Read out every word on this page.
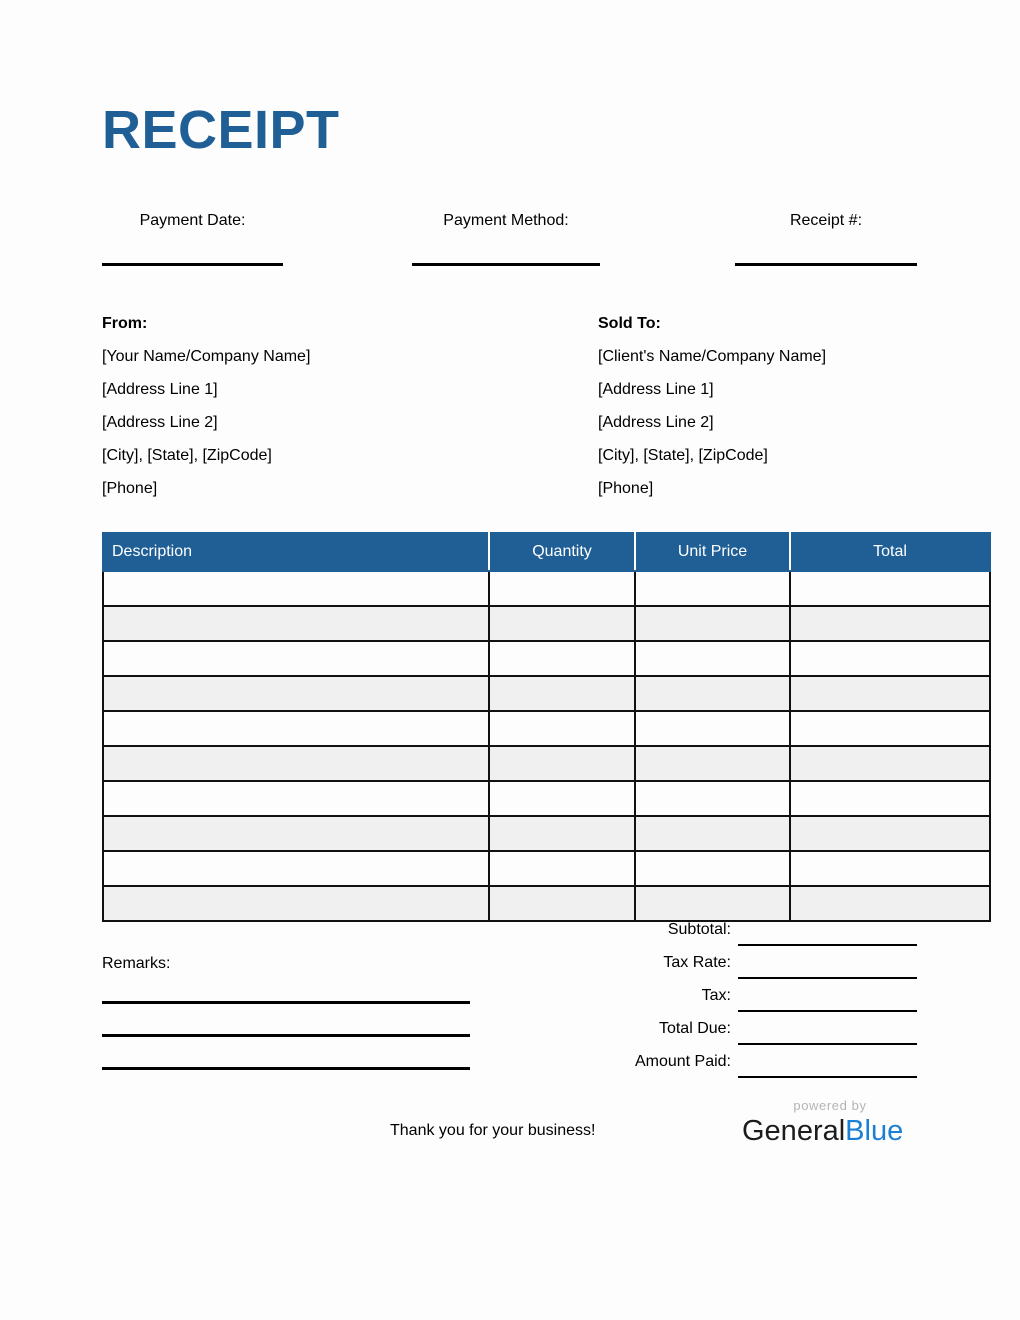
RECEIPT
Payment Date:	Payment Method:	Receipt #:
From:
[Your Name/Company Name]
[Address Line 1]
[Address Line 2]
[City], [State], [ZipCode]
[Phone]
Sold To:
[Client's Name/Company Name]
[Address Line 1]
[Address Line 2]
[City], [State], [ZipCode]
[Phone]
Description	Quantity	Unit Price	Total

Remarks:
Subtotal:
Tax Rate:
Tax:
Total Due:
Amount Paid:
Thank you for your business!
powered by
GeneralBlue
